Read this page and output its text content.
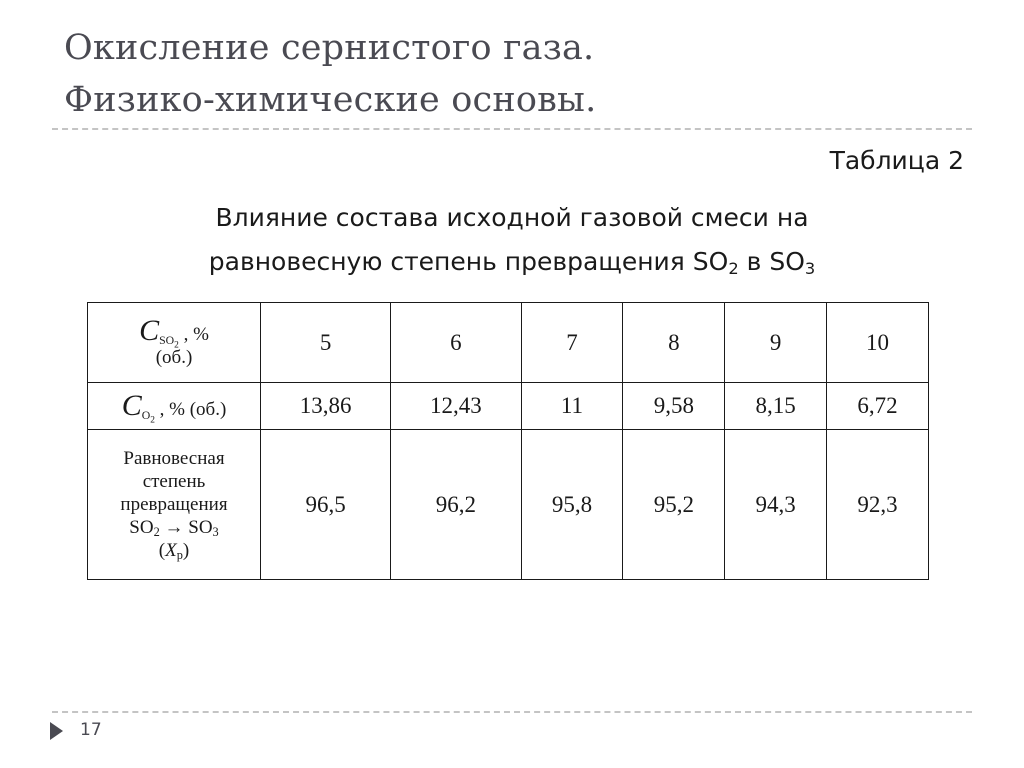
Окисление сернистого газа.
Физико-химические основы.
Таблица 2
Влияние состава исходной газовой смеси на
равновесную степень превращения $SO_2$ в $SO_3$
$C_{SO_2}$ , %
(об.)	5	6	7	8	9	10
$C_{O_2}$ , % (об.)	13,86	12,43	11	9,58	8,15	6,72

Равновесная
степень
превращения
$SO_2 \to SO_3$
$(X_р)$	96,5	96,2	95,8	95,2	94,3	92,3
17
